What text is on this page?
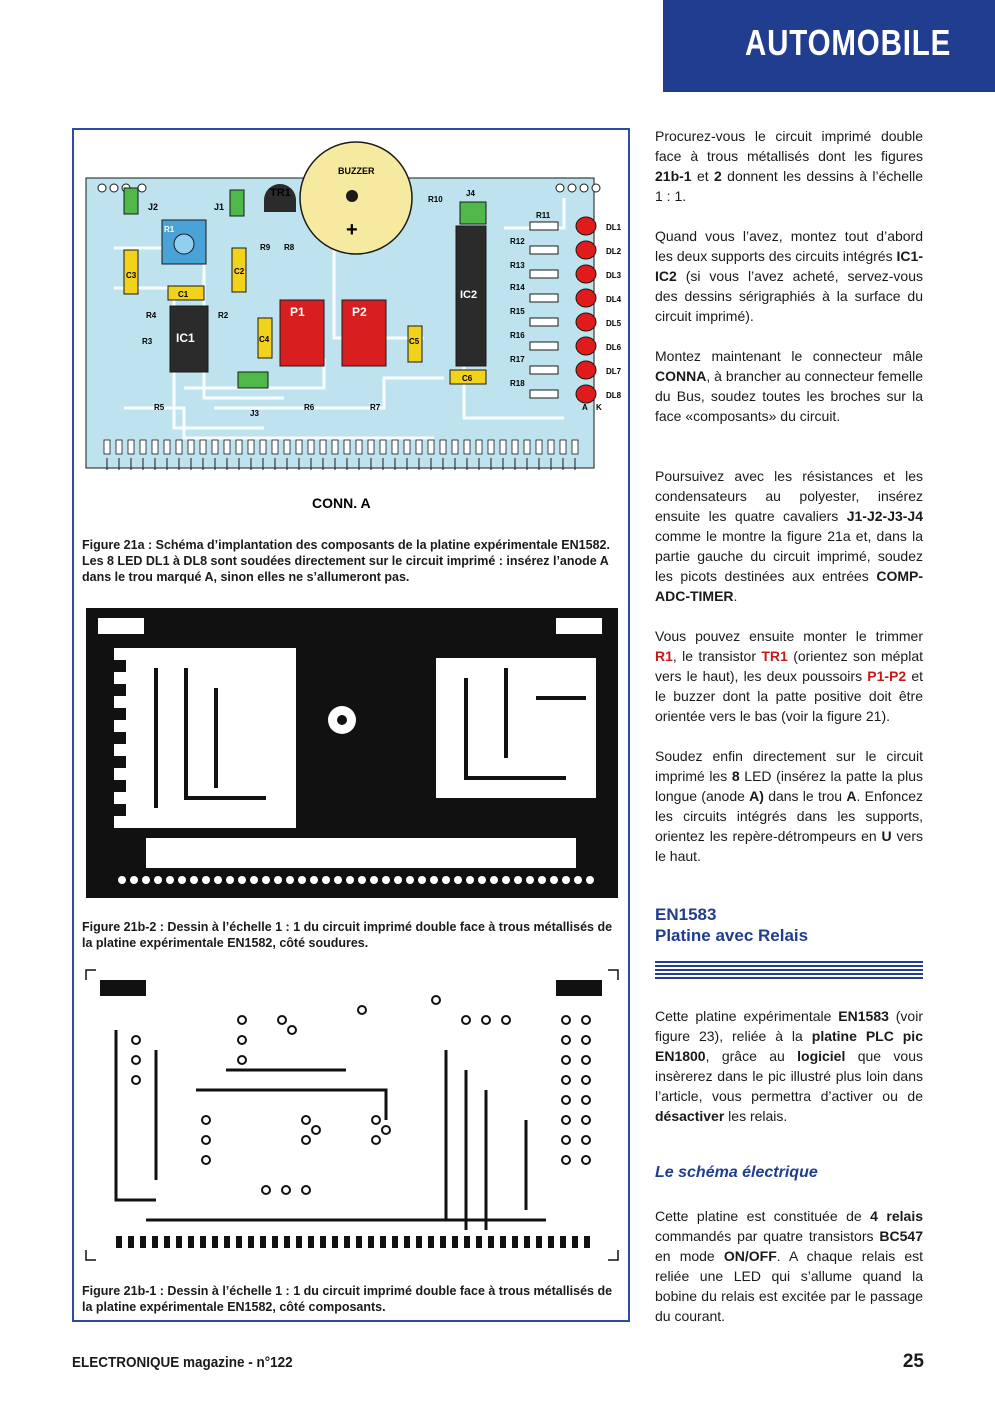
AUTOMOBILE
J2	J1
R1
C3	C2
C1
IC1
R4
R3
R2
TR1
R9 R8
BUZZER
+
C4
P1	P2
C5
J3
R6	R7
R5
R10
J4
IC2
C6
R11
R12
R13
R14
R15
R16
R17
R18
DL1
DL2
DL3
DL4
DL5
DL6
DL7
DL8
A K
CONN. A
Figure 21a : Schéma d’implantation des composants de la platine expérimentale EN1582. Les 8 LED DL1 à DL8 sont soudées directement sur le circuit imprimé : insérez l’anode A dans le trou marqué A, sinon elles ne s’allumeront pas.
Figure 21b-2 : Dessin à l’échelle 1 : 1 du circuit imprimé double face à trous métallisés de la platine expérimentale EN1582, côté soudures.
Figure 21b-1 : Dessin à l’échelle 1 : 1 du circuit imprimé double face à trous métallisés de la platine expérimentale EN1582, côté composants.

Procurez-vous le circuit imprimé double face à trous métallisés dont les figures 21b-1 et 2 donnent les dessins à l’échelle 1 : 1.

Quand vous l’avez, montez tout d’abord les deux supports des circuits intégrés IC1-IC2 (si vous l’avez acheté, servez-vous des dessins sérigraphiés à la surface du circuit imprimé).

Montez maintenant le connecteur mâle CONNA, à brancher au connecteur femelle du Bus, soudez toutes les broches sur la face «composants» du circuit.

Poursuivez avec les résistances et les condensateurs au polyester, insérez ensuite les quatre cavaliers J1-J2-J3-J4 comme le montre la figure 21a et, dans la partie gauche du circuit imprimé, soudez les picots destinées aux entrées COMP-ADC-TIMER.

Vous pouvez ensuite monter le trimmer R1, le transistor TR1 (orientez son méplat vers le haut), les deux poussoirs P1-P2 et le buzzer dont la patte positive doit être orientée vers le bas (voir la figure 21).

Soudez enfin directement sur le circuit imprimé les 8 LED (insérez la patte la plus longue (anode A) dans le trou A. Enfoncez les circuits intégrés dans les supports, orientez les repère-détrompeurs en U vers le haut.

EN1583
Platine avec Relais

Cette platine expérimentale EN1583 (voir figure 23), reliée à la platine PLC pic EN1800, grâce au logiciel que vous insèrerez dans le pic illustré plus loin dans l’article, vous permettra d’activer ou de désactiver les relais.

Le schéma électrique

Cette platine est constituée de 4 relais commandés par quatre transistors BC547 en mode ON/OFF. A chaque relais est reliée une LED qui s’allume quand la bobine du relais est excitée par le passage du courant.

ELECTRONIQUE magazine - n°122	25
